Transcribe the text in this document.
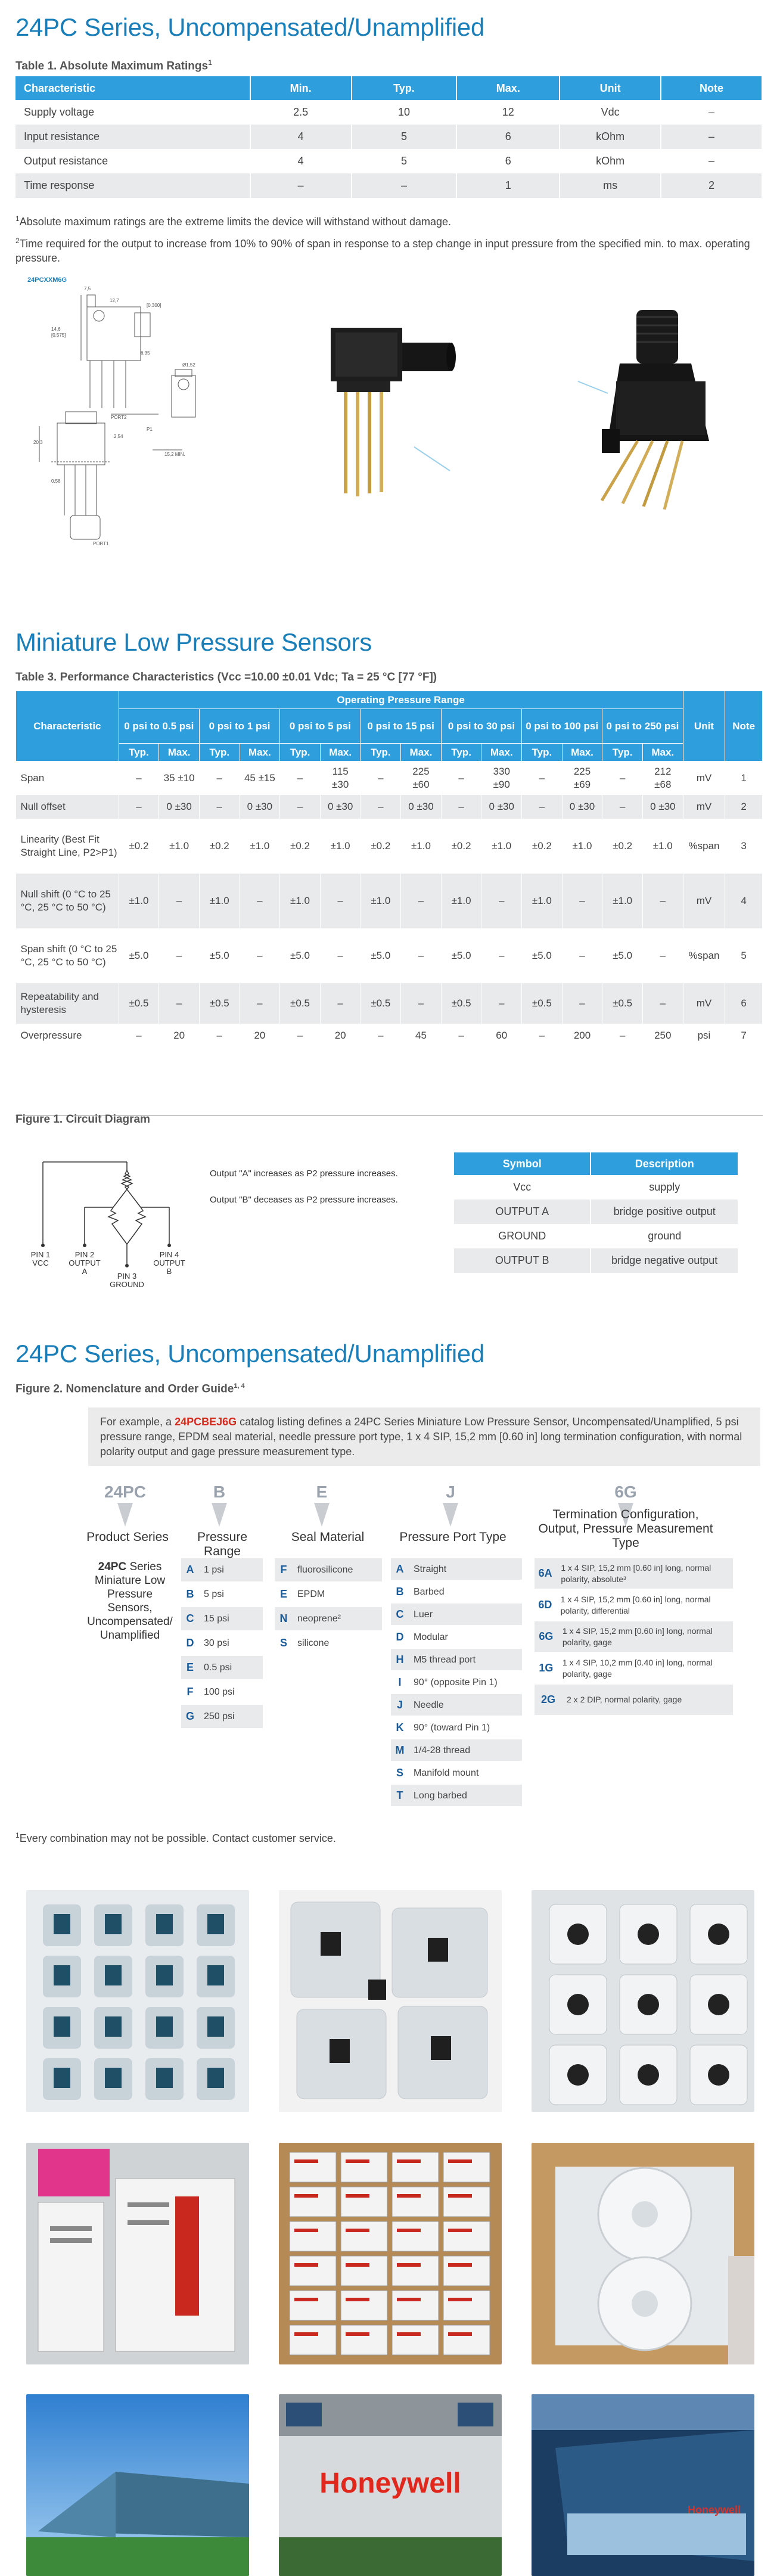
24PC Series, Uncompensated/Unamplified
Table 1. Absolute Maximum Ratings$^1$
Characteristic	Min.	Typ.	Max.	Unit	Note
Supply voltage	2.5	10	12	Vdc	–
Input resistance	4	5	6	kOhm	–
Output resistance	4	5	6	kOhm	–
Time response	–	–	1	ms	2
$^1$Absolute maximum ratings are the extreme limits the device will withstand without damage.
$^2$Time required for the output to increase from 10% to 90% of span in response to a step change in input pressure from the specified min. to max. operating pressure.
24PCXXM6G
7,5
12,7
[0.300]
14,6
[0.575]
6,35
PORT2
P1
20,3
2,54
PORT1
15,2 MIN.
Ø1,52
0,58
Miniature Low Pressure Sensors
Table 3. Performance Characteristics (Vcc =10.00 ±0.01 Vdc; Ta = 25 °C [77 °F])
Characteristic	Operating Pressure Range														Unit	Note
	0 psi to 0.5 psi		0 psi to 1 psi		0 psi to 5 psi		0 psi to 15 psi		0 psi to 30 psi		0 psi to 100 psi		0 psi to 250 psi			
	Typ.	Max.	Typ.	Max.	Typ.	Max.	Typ.	Max.	Typ.	Max.	Typ.	Max.	Typ.	Max.		
Span	–	35 ±10	–	45 ±15	–	115 ±30	–	225 ±60	–	330 ±90	–	225 ±69	–	212 ±68	mV	1
Null offset	–	0 ±30	–	0 ±30	–	0 ±30	–	0 ±30	–	0 ±30	–	0 ±30	–	0 ±30	mV	2
Linearity (Best Fit Straight Line, P2>P1)	±0.2	±1.0	±0.2	±1.0	±0.2	±1.0	±0.2	±1.0	±0.2	±1.0	±0.2	±1.0	±0.2	±1.0	%span	3
Null shift (0 °C to 25 °C, 25 °C to 50 °C)	±1.0	–	±1.0	–	±1.0	–	±1.0	–	±1.0	–	±1.0	–	±1.0	–	mV	4
Span shift (0 °C to 25 °C, 25 °C to 50 °C)	±5.0	–	±5.0	–	±5.0	–	±5.0	–	±5.0	–	±5.0	–	±5.0	–	%span	5
Repeatability and hysteresis	±0.5	–	±0.5	–	±0.5	–	±0.5	–	±0.5	–	±0.5	–	±0.5	–	mV	6
Overpressure	–	20	–	20	–	20	–	45	–	60	–	200	–	250	psi	7
Figure 1. Circuit Diagram
PIN 1
VCC
PIN 2
OUTPUT
A
PIN 4
OUTPUT
B
PIN 3
GROUND
Output "A" increases as P2 pressure increases.
Output "B" deceases as P2 pressure increases.
Symbol	Description
Vcc	supply
OUTPUT A	bridge positive output
GROUND	ground
OUTPUT B	bridge negative output
24PC Series, Uncompensated/Unamplified
Figure 2. Nomenclature and Order Guide$^{1, 4}$
For example, a 24PCBEJ6G catalog listing defines a 24PC Series Miniature Low Pressure Sensor, Uncompensated/Unamplified, 5 psi pressure range, EPDM seal material, needle pressure port type, 1 x 4 SIP, 15,2 mm [0.60 in] long termination configuration, with normal polarity output and gage pressure measurement type.
24PC	B	E	J	6G
Product Series	Pressure Range
Seal Material	Pressure Port Type
Termination Configuration, Output, Pressure Measurement Type
24PC Series Miniature Low Pressure Sensors, Uncompensated/ Unamplified
A	1 psi
B	5 psi
C	15 psi
D	30 psi
E	0.5 psi
F	100 psi
G	250 psi
F	fluorosilicone
E	EPDM
N	neoprene²
S	silicone
A	Straight
B	Barbed
C	Luer
D	Modular
H	M5 thread port
I	90° (opposite Pin 1)
J	Needle
K	90° (toward Pin 1)
M 1/4-28 thread
S	Manifold mount
T	Long barbed
6A	1 x 4 SIP, 15,2 mm [0.60 in] long, normal polarity, absolute³
6D	1 x 4 SIP, 15,2 mm [0.60 in] long, normal polarity, differential
6G	1 x 4 SIP, 15,2 mm [0.60 in] long, normal polarity, gage
1G	1 x 4 SIP, 10,2 mm [0.40 in] long, normal polarity, gage
2G	2 x 2 DIP, normal polarity, gage
$^1$Every combination may not be possible. Contact customer service.
Honeywell
Honeywell
